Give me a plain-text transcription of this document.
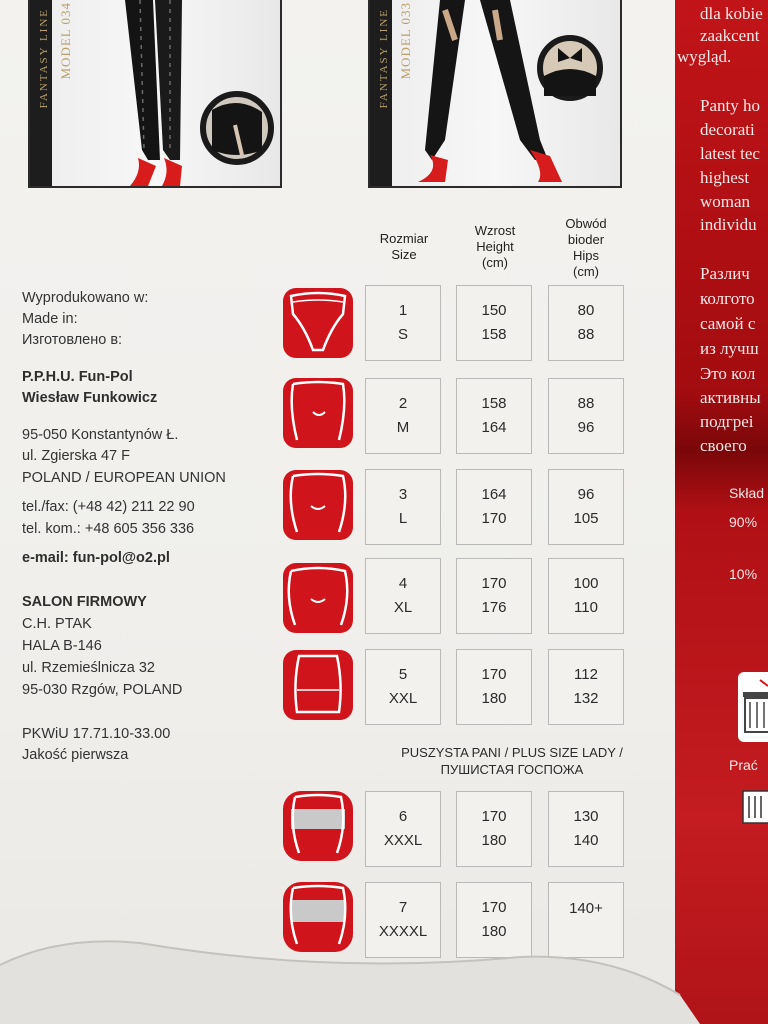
FANTASY LINE MODEL 034	FANTASY LINE MODEL 033	dla kobie
zaakcent
wygląd.
Panty ho
decorati
latest tec
highest
woman
individu
Различ
колгото
самой с
из лучш
Это кол
активны
подгреі
своего
Skład
90%
10%
Prać
Rozmiar
Size
Wzrost
Height
(cm)
Obwód
bioder
Hips
(cm)
Wyprodukowano w:
Made in:
Изготовлено в:
P.P.H.U. Fun-Pol
Wiesław Funkowicz
95-050 Konstantynów Ł.
ul. Zgierska 47 F
POLAND / EUROPEAN UNION
tel./fax: (+48 42) 211 22 90
tel. kom.: +48 605 356 336
e-mail: fun-pol@o2.pl
SALON FIRMOWY
C.H. PTAK
HALA B-146
ul. Rzemieślnicza 32
95-030 Rzgów, POLAND
PKWiU 17.71.10-33.00
Jakość pierwsza
1
S
150
158
80
88
2
M
158
164
88
96
3
L
164
170
96
105
4
XL
170
176
100
110
5
XXL
170
180
112
132
PUSZYSTA PANI / PLUS SIZE LADY /
ПУШИСТАЯ ГОСПОЖА
6
XXXL
170
180
130
140
7
XXXXL
170
180
140+
